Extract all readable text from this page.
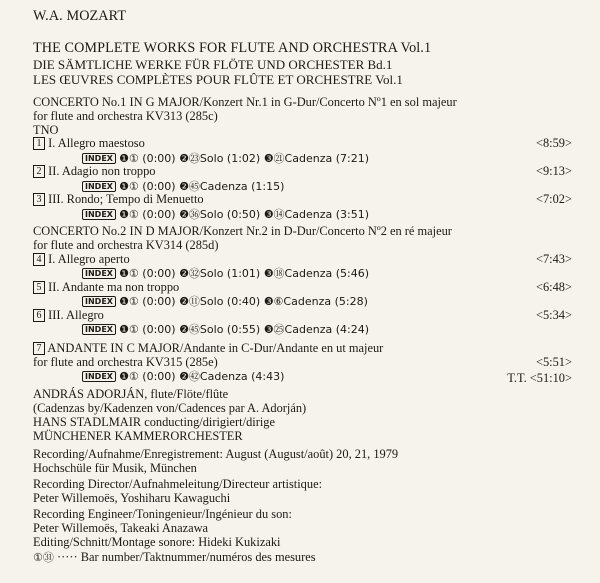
W.A. MOZART
THE COMPLETE WORKS FOR FLUTE AND ORCHESTRA Vol.1
DIE SÄMTLICHE WERKE FÜR FLÖTE UND ORCHESTER Bd.1
LES ŒUVRES COMPLÈTES POUR FLÛTE ET ORCHESTRE Vol.1
CONCERTO No.1 IN G MAJOR/Konzert Nr.1 in G-Dur/Concerto Nº1 en sol majeur
for flute and orchestra KV313 (285c)
TNO
1 I. Allegro maestoso	<8:59>
INDEX ❶① (0:00) ❷㉓Solo (1:02) ❸㉑Cadenza (7:21)
2 II. Adagio non troppo	<9:13>
INDEX ❶① (0:00) ❷㊺Cadenza (1:15)
3 III. Rondo; Tempo di Menuetto	<7:02>
INDEX ❶① (0:00) ❷㊱Solo (0:50) ❸⑭Cadenza (3:51)
CONCERTO No.2 IN D MAJOR/Konzert Nr.2 in D-Dur/Concerto Nº2 en ré majeur
for flute and orchestra KV314 (285d)
4 I. Allegro aperto	<7:43>
INDEX ❶① (0:00) ❷㉜Solo (1:01) ❸⑱Cadenza (5:46)
5 II. Andante ma non troppo	<6:48>
INDEX ❶① (0:00) ❷⑪Solo (0:40) ❸⑥Cadenza (5:28)
6 III. Allegro	<5:34>
INDEX ❶① (0:00) ❷㊺Solo (0:55) ❸㉕Cadenza (4:24)
7 ANDANTE IN C MAJOR/Andante in C-Dur/Andante en ut majeur
for flute and orchestra KV315 (285e)	<5:51>
INDEX ❶① (0:00) ❷㊷Cadenza (4:43)	T.T. <51:10>
ANDRÁS ADORJÁN, flute/Flöte/flûte
(Cadenzas by/Kadenzen von/Cadences par A. Adorján)
HANS STADLMAIR conducting/dirigiert/dirige
MÜNCHENER KAMMERORCHESTER
Recording/Aufnahme/Enregistrement: August (August/août) 20, 21, 1979
Hochschüle für Musik, München
Recording Director/Aufnahmeleitung/Directeur artistique:
Peter Willemoës, Yoshiharu Kawaguchi
Recording Engineer/Toningenieur/Ingénieur du son:
Peter Willemoës, Takeaki Anazawa
Editing/Schnitt/Montage sonore: Hideki Kukizaki
①㉛ ····· Bar number/Taktnummer/numéros des mesures
